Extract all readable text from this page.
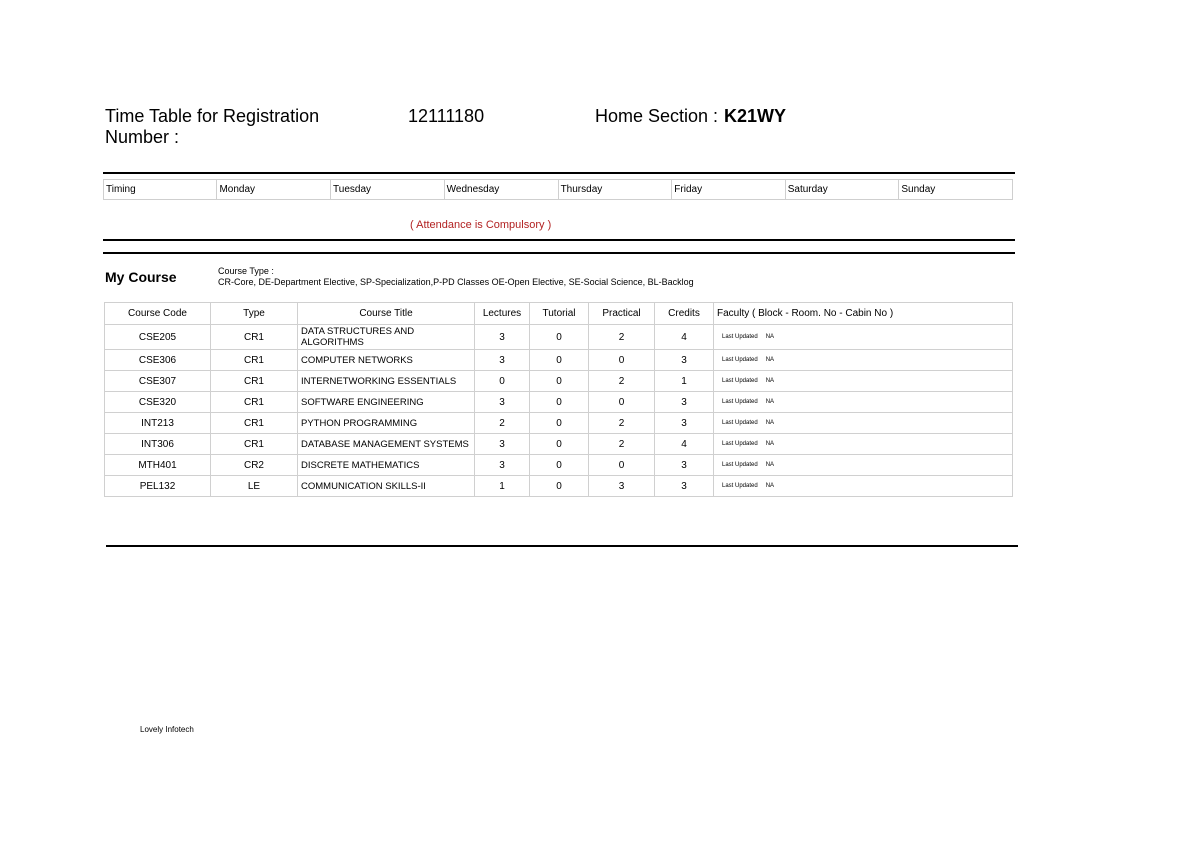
Time Table for Registration Number :
12111180	Home Section : K21WY
Timing	Monday	Tuesday	Wednesday	Thursday	Friday	Saturday	Sunday
( Attendance is Compulsory )
My Course	Course Type :
CR-Core, DE-Department Elective, SP-Specialization,P-PD Classes OE-Open Elective, SE-Social Science, BL-Backlog
Course Code	Type	Course Title	Lectures	Tutorial	Practical	Credits	Faculty ( Block - Room. No - Cabin No )
CSE205	CR1	DATA STRUCTURES AND ALGORITHMS	3	0	2	4	Last Updated NA
CSE306	CR1	COMPUTER NETWORKS	3	0	0	3	Last Updated NA
CSE307	CR1	INTERNETWORKING ESSENTIALS	0	0	2	1	Last Updated NA
CSE320	CR1	SOFTWARE ENGINEERING	3	0	0	3	Last Updated NA
INT213	CR1	PYTHON PROGRAMMING	2	0	2	3	Last Updated NA
INT306	CR1	DATABASE MANAGEMENT SYSTEMS	3	0	2	4	Last Updated NA
MTH401	CR2	DISCRETE MATHEMATICS	3	0	0	3	Last Updated NA
PEL132	LE	COMMUNICATION SKILLS-II	1	0	3	3	Last Updated NA
Lovely Infotech
